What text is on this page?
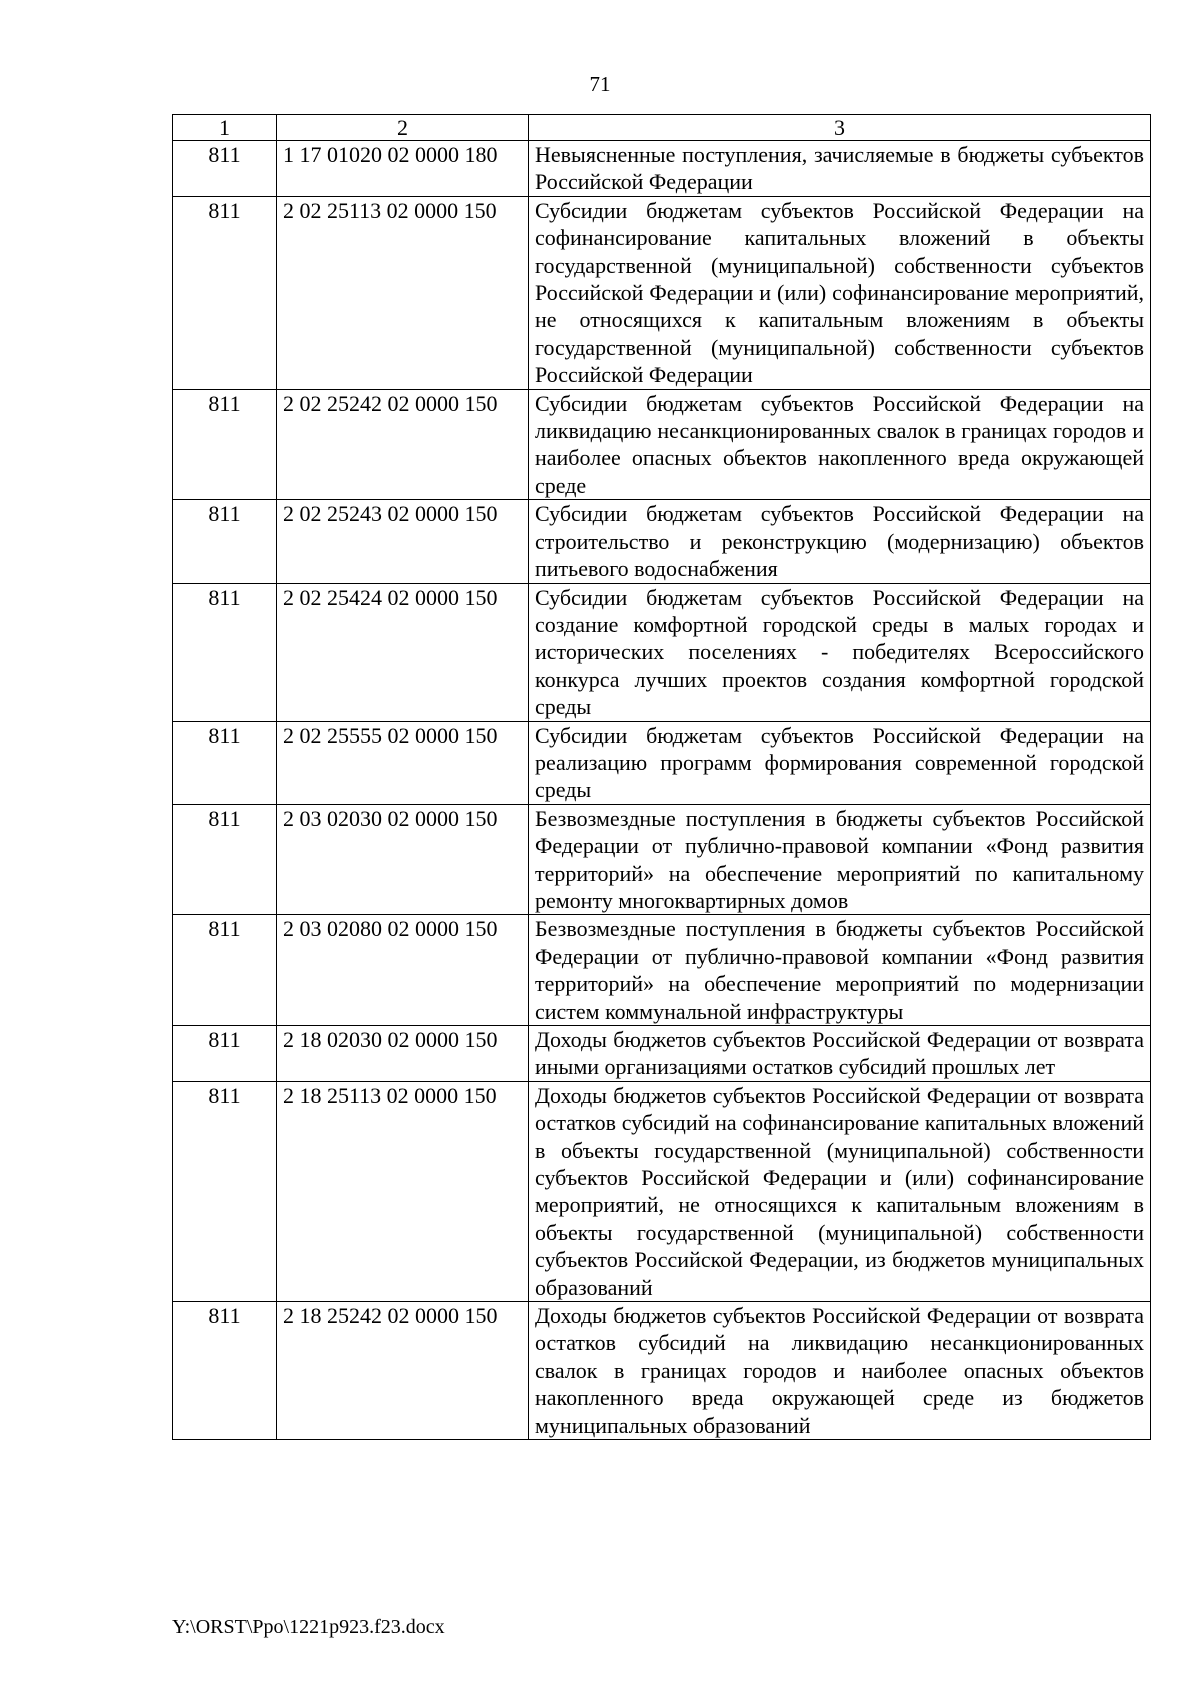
71
1	2	3
811	1 17 01020 02 0000 180	Невыясненные поступления, зачисляемые в бюджеты субъектов Российской Федерации
811	2 02 25113 02 0000 150	Субсидии бюджетам субъектов Российской Федерации на софинансирование капитальных вложений в объекты государственной (муниципальной) собственности субъектов Российской Федерации и (или) софинансирование мероприятий, не относящихся к капитальным вложениям в объекты государственной (муниципальной) собственности субъектов Российской Федерации
811	2 02 25242 02 0000 150	Субсидии бюджетам субъектов Российской Федерации на ликвидацию несанкционированных свалок в границах городов и наиболее опасных объектов накопленного вреда окружающей среде
811	2 02 25243 02 0000 150	Субсидии бюджетам субъектов Российской Федерации на строительство и реконструкцию (модернизацию) объектов питьевого водоснабжения
811	2 02 25424 02 0000 150	Субсидии бюджетам субъектов Российской Федерации на создание комфортной городской среды в малых городах и исторических поселениях - победителях Всероссийского конкурса лучших проектов создания комфортной городской среды
811	2 02 25555 02 0000 150	Субсидии бюджетам субъектов Российской Федерации на реализацию программ формирования современной городской среды
811	2 03 02030 02 0000 150	Безвозмездные поступления в бюджеты субъектов Российской Федерации от публично-правовой компании «Фонд развития территорий» на обеспечение мероприятий по капитальному ремонту многоквартирных домов
811	2 03 02080 02 0000 150	Безвозмездные поступления в бюджеты субъектов Российской Федерации от публично-правовой компании «Фонд развития территорий» на обеспечение мероприятий по модернизации систем коммунальной инфраструктуры
811	2 18 02030 02 0000 150	Доходы бюджетов субъектов Российской Федерации от возврата иными организациями остатков субсидий прошлых лет
811	2 18 25113 02 0000 150	Доходы бюджетов субъектов Российской Федерации от возврата остатков субсидий на софинансирование капитальных вложений в объекты государственной (муниципальной) собственности субъектов Российской Федерации и (или) софинансирование мероприятий, не относящихся к капитальным вложениям в объекты государственной (муниципальной) собственности субъектов Российской Федерации, из бюджетов муниципальных образований
811	2 18 25242 02 0000 150	Доходы бюджетов субъектов Российской Федерации от возврата остатков субсидий на ликвидацию несанкционированных свалок в границах городов и наиболее опасных объектов накопленного вреда окружающей среде из бюджетов муниципальных образований
Y:\ORST\Ppo\1221p923.f23.docx
